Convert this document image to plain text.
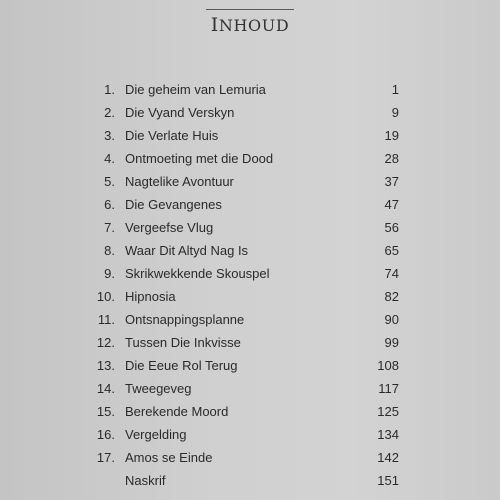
INHOUD
1. Die geheim van Lemuria	1
2. Die Vyand Verskyn	9
3. Die Verlate Huis	19
4. Ontmoeting met die Dood	28
5. Nagtelike Avontuur	37
6. Die Gevangenes	47
7. Vergeefse Vlug	56
8. Waar Dit Altyd Nag Is	65
9. Skrikwekkende Skouspel	74
10. Hipnosia	82
11. Ontsnappingsplanne	90
12. Tussen Die Inkvisse	99
13. Die Eeue Rol Terug	108
14. Tweegeveg	117
15. Berekende Moord	125
16. Vergelding	134
17. Amos se Einde	142
Naskrif	151
